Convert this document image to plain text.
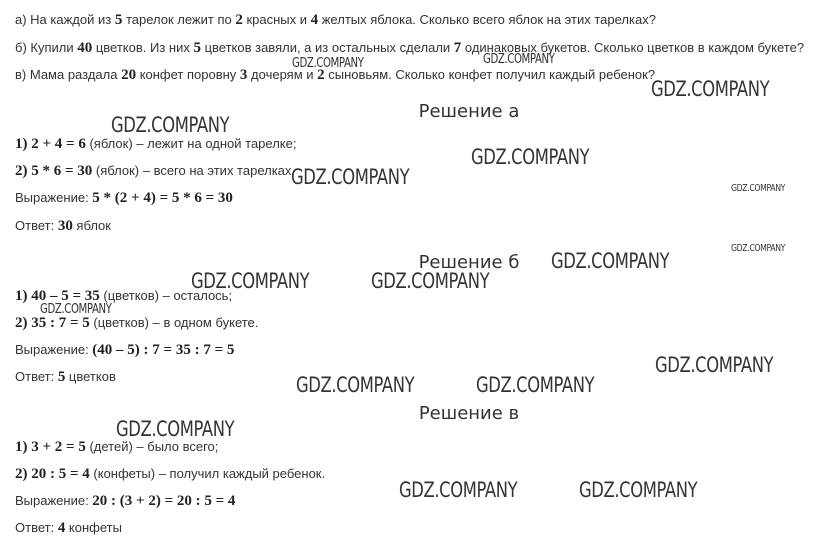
а) На каждой из 5 тарелок лежит по 2 красных и 4 желтых яблока. Сколько всего яблок на этих тарелках?
б) Купили 40 цветков. Из них 5 цветков завяли, а из остальных сделали 7 одинаковых букетов. Сколько цветков в каждом букете?
в) Мама раздала 20 конфет поровну 3 дочерям и 2 сыновьям. Сколько конфет получил каждый ребенок?
Решение а
1) 2 + 4 = 6 (яблок) – лежит на одной тарелке;
2) 5 * 6 = 30 (яблок) – всего на этих тарелках.
Выражение: 5 * (2 + 4) = 5 * 6 = 30
Ответ: 30 яблок
Решение б
1) 40 – 5 = 35 (цветков) – осталось;
2) 35 : 7 = 5 (цветков) – в одном букете.
Выражение: (40 – 5) : 7 = 35 : 7 = 5
Ответ: 5 цветков
Решение в
1) 3 + 2 = 5 (детей) – было всего;
2) 20 : 5 = 4 (конфеты) – получил каждый ребенок.
Выражение: 20 : (3 + 2) = 20 : 5 = 4
Ответ: 4 конфеты
GDZ.COMPANY	GDZ.COMPANY
GDZ.COMPANY
GDZ.COMPANY
GDZ.COMPANY
GDZ.COMPANY	GDZ.COMPANY
GDZ.COMPANY
GDZ.COMPANY
GDZ.COMPANY	GDZ.COMPANY
GDZ.COMPANY
GDZ.COMPANY
GDZ.COMPANY	GDZ.COMPANY
GDZ.COMPANY
GDZ.COMPANY	GDZ.COMPANY
